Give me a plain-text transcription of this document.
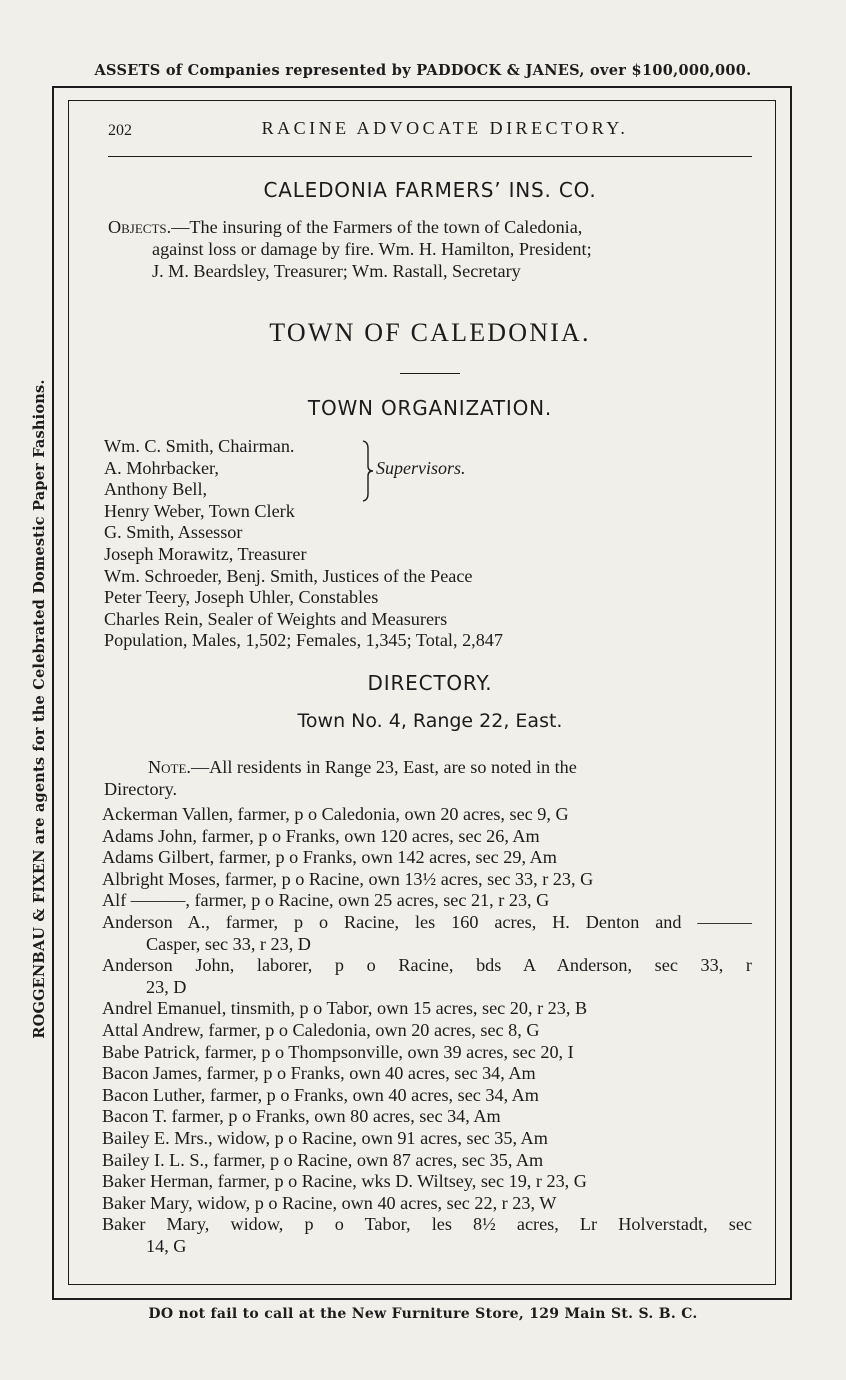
ASSETS of Companies represented by PADDOCK & JANES, over $100,000,000.
ROGGENBAU & FIXEN are agents for the Celebrated Domestic Paper Fashions.
DO not fail to call at the New Furniture Store, 129 Main St. S. B. C.
202	RACINE ADVOCATE DIRECTORY.
CALEDONIA FARMERS’ INS. CO.

Objects.—The insuring of the Farmers of the town of Caledonia,

against loss or damage by fire. Wm. H. Hamilton, President;

J. M. Beardsley, Treasurer; Wm. Rastall, Secretary

TOWN OF CALEDONIA.
TOWN ORGANIZATION.
Wm. C. Smith, Chairman.
A. Mohrbacker,
Anthony Bell,
Henry Weber, Town Clerk
G. Smith, Assessor
Joseph Morawitz, Treasurer
Wm. Schroeder, Benj. Smith, Justices of the Peace
Peter Teery, Joseph Uhler, Constables
Charles Rein, Sealer of Weights and Measurers
Population, Males, 1,502; Females, 1,345; Total, 2,847
Supervisors.
DIRECTORY.
Town No. 4, Range 22, East.
Note.—All residents in Range 23, East, are so noted in the
Directory.
Ackerman Vallen, farmer, p o Caledonia, own 20 acres, sec 9, G
Adams John, farmer, p o Franks, own 120 acres, sec 26, Am
Adams Gilbert, farmer, p o Franks, own 142 acres, sec 29, Am
Albright Moses, farmer, p o Racine, own 13½ acres, sec 33, r 23, G
Alf ———, farmer, p o Racine, own 25 acres, sec 21, r 23, G
Anderson A., farmer, p o Racine, les 160 acres, H. Denton and ———
Casper, sec 33, r 23, D
Anderson John, laborer, p o Racine, bds A Anderson, sec 33, r
23, D
Andrel Emanuel, tinsmith, p o Tabor, own 15 acres, sec 20, r 23, B
Attal Andrew, farmer, p o Caledonia, own 20 acres, sec 8, G
Babe Patrick, farmer, p o Thompsonville, own 39 acres, sec 20, I
Bacon James, farmer, p o Franks, own 40 acres, sec 34, Am
Bacon Luther, farmer, p o Franks, own 40 acres, sec 34, Am
Bacon T. farmer, p o Franks, own 80 acres, sec 34, Am
Bailey E. Mrs., widow, p o Racine, own 91 acres, sec 35, Am
Bailey I. L. S., farmer, p o Racine, own 87 acres, sec 35, Am
Baker Herman, farmer, p o Racine, wks D. Wiltsey, sec 19, r 23, G
Baker Mary, widow, p o Racine, own 40 acres, sec 22, r 23, W
Baker Mary, widow, p o Tabor, les 8½ acres, Lr Holverstadt, sec
14, G
